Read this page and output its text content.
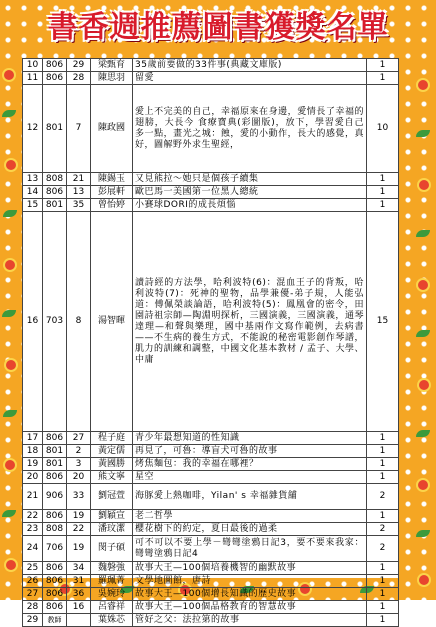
書香週推薦圖書獲獎名單
10	806	29	梁甄育	35歲前要做的33件事(典藏文庫版)	1
11	806	28	陳思羽	留愛	1
12	801	7	陳政國	愛上不完美的自己，幸福原來在身邊，愛情長了幸福的翅膀，大長今 食療寶典(彩圖版)，放下，學習愛自己多一點，畫光之城：蝕，愛的小動作，長大的感覺，真好，圖解野外求生聖經，	10
13	808	21	陳錫玉	又見熊拉～她只是個孩子續集	1
14	806	13	彭展軒	歐巴馬一美國第一位黑人總統	1
15	801	35	曾怡婷	小賽球DORI的成長煩惱	1
16	703	8	湯智暉	讀詩經的方法學，哈利波特(6)：混血王子的背叛，哈利波特(7)：死神的聖物，品學兼優-弟子規，人能弘道：傅佩榮談論語，哈利波特(5)：鳳凰會的密令，田園詩祖宗師—陶淵明探析，三國演義，三國演義，通琴達理—和聲與樂理，國中基兩作文寫作範例，去病書——不生病的養生方式，不能說的秘密電影創作琴譜，肌力的訓練和調整，中國文化基本教材 / 孟子、大學、中庸	15
17	806	27	程子庭	青少年最想知道的性知識	1
18	801	2	黃定儒	再見了，可魯：導盲犬可魯的故事	1
19	801	3	黃國勝	烤焦麵包：我的幸福在哪裡？	1
20	806	20	熊文寧	星空	1
21	906	33	劉冠萱	海豚愛上熱咖啡，Yilan' s 幸福雜貨舖	2
22	806	19	劉穎宣	老二哲學	1
23	808	22	潘玟潔	櫻花樹下的約定，夏日最後的過柔	2
24	706	19	閔子碩	可不可以不要上學－彎彎塗鴉日記3，要不要來我家：彎彎塗鴉日記4	2
25	806	34	魏磐強	故事大王—100個培養機智的幽默故事	1
26	806	31	羅珮菁	文學地圖館，唐詩	1
27	806	36	吳婉玲	故事大王—100個增長知識的歷史故事	1
28	806	16	呂睿祥	故事大王—100個品格教育的智慧故事	1
29	教師		葉姝芯	管好之父：法拉第的故事	1
